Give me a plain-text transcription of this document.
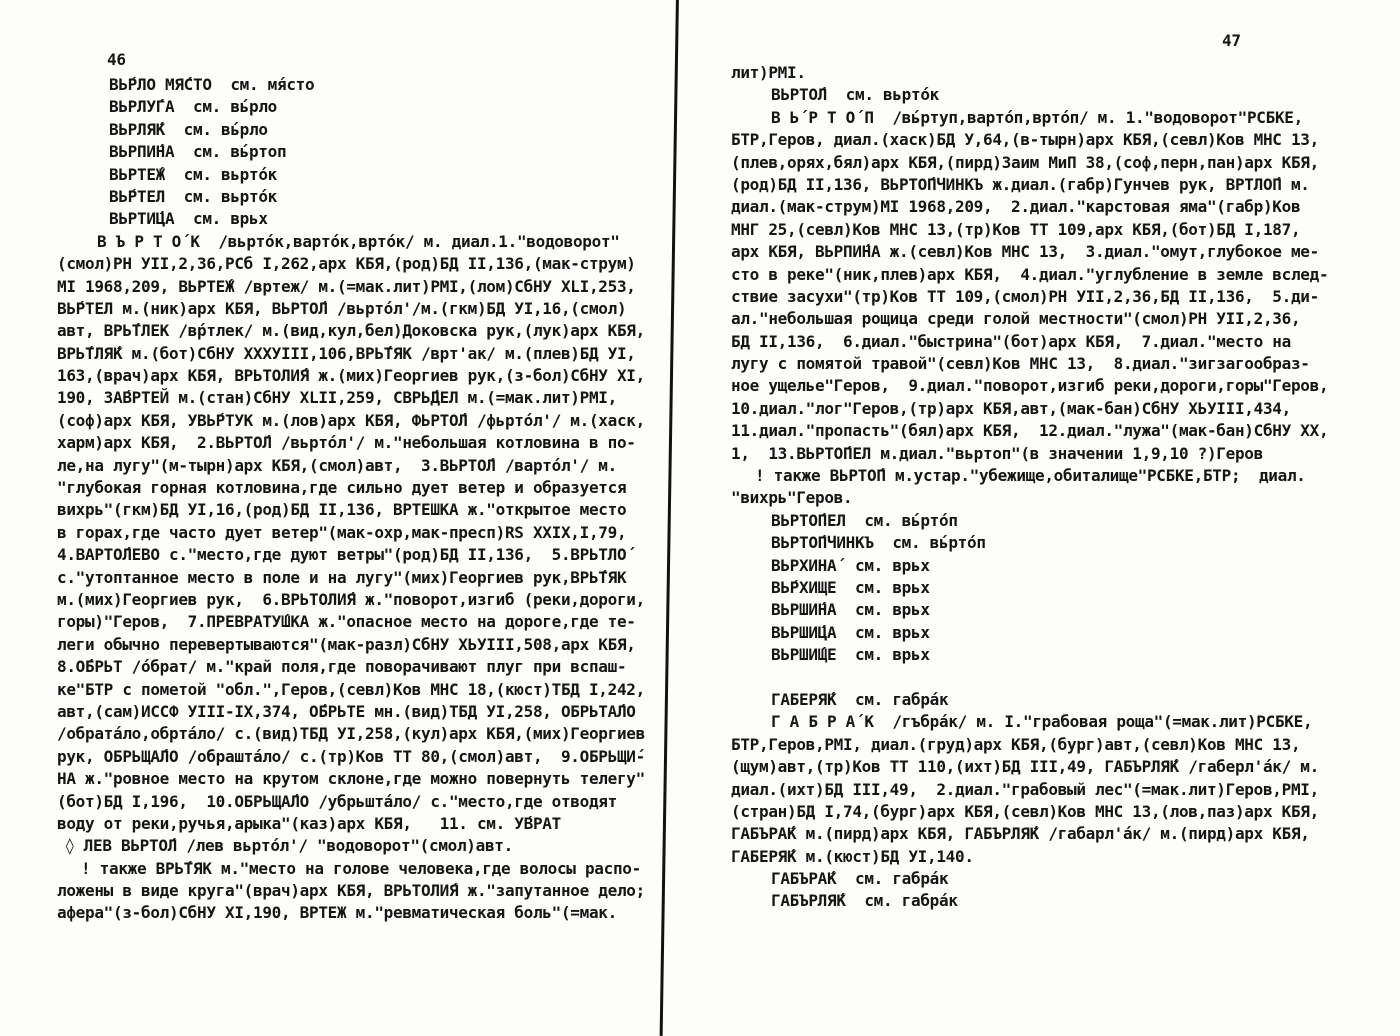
46
47
ВЬ́РЛО МЯ́СТО  см. мя́сто
ВЬРЛУ́ГА  см. вь́рло
ВЬРЛЯ́К  см. вь́рло
ВЬРПИ́НА  см. вь́ртоп
ВЬРТЕ́Ж  см. вьрто́к
ВЬ́РТЕЛ  см. вьрто́к
ВЬРТИ́ЦА  см. врьх
В Ъ Р Т О́ К  /вьрто́к,варто́к,врто́к/ м. диал.1."водоворот"
(смол)РН УII,2,36,РСб I,262,арх КБЯ,(род)БД II,136,(мак-струм)
МI 1968,209, ВЬРТЕ́Ж /вртеж/ м.(=мак.лит)РМI,(лом)СбНУ ХLI,253,
ВЬ́РТЕЛ м.(ник)арх КБЯ, ВЬРТО́Л /вьрто́л'/м.(гкм)БД УI,16,(смол)
авт, ВРЬ́ТЛЕК /вр́тлек/ м.(вид,кул,бел)Доковска рук,(лук)арх КБЯ,
ВРЬ́ТЛЯ́К м.(бот)СбНУ ХХХУIII,106,ВРЬ́ТЯК /врт'ак/ м.(плев)БД УI,
163,(врач)арх КБЯ, ВРЬТОЛИ́Я ж.(мих)Георгиев рук,(з-бол)СбНУ ХI,
190, ЗА́ВРТЕЙ м.(стан)СбНУ ХLII,259, СВРЬ́ДЕЛ м.(=мак.лит)РМI,
(соф)арх КБЯ, УВЬ́РТУК м.(лов)арх КБЯ, ФЬРТО́Л /фьрто́л'/ м.(хаск,
харм)арх КБЯ,  2.ВЬРТО́Л /вьрто́л'/ м."небольшая котловина в по-
ле,на лугу"(м-тырн)арх КБЯ,(смол)авт,  3.ВЬРТО́Л /варто́л'/ м.
"глубокая горная котловина,где сильно дует ветер и образуется
вихрь"(гкм)БД УI,16,(род)БД II,136, ВРТЕШКА ж."открытое место
в горах,где часто дует ветер"(мак-охр,мак-пресп)RS ХХIХ,I,79,
4.ВАРТО́ЛЕВО с."место,где дуют ветры"(род)БД II,136,  5.ВРЬТЛО́
с."утоптанное место в поле и на лугу"(мих)Георгиев рук,ВРЬ́ТЯК
м.(мих)Георгиев рук,  6.ВРЬТОЛИ́Я ж."поворот,изгиб (реки,дороги,
горы)"Геров,  7.ПРЕВРАТУ́ШКА ж."опасное место на дороге,где те-
леги обычно перевертываются"(мак-разл)СбНУ ХЬУIII,508,арх КБЯ,
8.О́БРЬТ /о́брат/ м."край поля,где поворачивают плуг при вспаш-
ке"БТР с пометой "обл.",Геров,(севл)Ков МНС 18,(кюст)ТБД I,242,
авт,(сам)ИССФ УIII-IХ,374, О́БРЬТЕ мн.(вид)ТБД УI,258, ОБРЬТА́ЛО
/обрата́ло,обрта́ло/ с.(вид)ТБД УI,258,(кул)арх КБЯ,(мих)Георгиев
рук, ОБРЬЩА́ЛО /обрашта́ло/ с.(тр)Ков ТТ 80,(смол)авт,  9.ОБРЬЩИ́-
НА ж."ровное место на крутом склоне,где можно повернуть телегу"
(бот)БД I,196,  10.ОБРЬЩА́ЛО /убрьшта́ло/ с."место,где отводят
воду от реки,ручья,арыка"(каз)арх КБЯ,   11. см. У́ВРАТ
◊ ЛЕВ ВЬРТО́Л /лев вьрто́л'/ "водоворот"(смол)авт.
! также ВРЬ́ТЯК м."место на голове человека,где волосы распо-
ложены в виде круга"(врач)арх КБЯ, ВРЬТОЛИ́Я ж."запутанное дело;
афера"(з-бол)СбНУ ХI,190, ВРТЕЖ м."ревматическая боль"(=мак.
лит)РМI.
ВЬРТО́Л  см. вьрто́к
В Ь́ Р Т О́ П  /вь́ртуп,варто́п,врто́п/ м. 1."водоворот"РСБКЕ,
БТР,Геров, диал.(хаск)БД У,64,(в-тырн)арх КБЯ,(севл)Ков МНС 13,
(плев,орях,бял)арх КБЯ,(пирд)Заим МиП 38,(соф,перн,пан)арх КБЯ,
(род)БД II,136, ВЬРТО́ПЧИНКЪ ж.диал.(габр)Гунчев рук, ВРТЛО́П м.
диал.(мак-струм)МI 1968,209,  2.диал."карстовая яма"(габр)Ков
МНГ 25,(севл)Ков МНС 13,(тр)Ков ТТ 109,арх КБЯ,(бот)БД I,187,
арх КБЯ, ВЬРПИ́НА ж.(севл)Ков МНС 13,  3.диал."омут,глубокое ме-
сто в реке"(ник,плев)арх КБЯ,  4.диал."углубление в земле вслед-
ствие засухи"(тр)Ков ТТ 109,(смол)РН УII,2,36,БД II,136,  5.ди-
ал."небольшая рощица среди голой местности"(смол)РН УII,2,36,
БД II,136,  6.диал."быстрина"(бот)арх КБЯ,  7.диал."место на
лугу с помятой травой"(севл)Ков МНС 13,  8.диал."зигзагообраз-
ное ущелье"Геров,  9.диал."поворот,изгиб реки,дороги,горы"Геров,
10.диал."лог"Геров,(тр)арх КБЯ,авт,(мак-бан)СбНУ ХЬУIII,434,
11.диал."пропасть"(бял)арх КБЯ,  12.диал."лужа"(мак-бан)СбНУ ХХ,
1,  13.ВЬРТО́ПЕЛ м.диал."вьртоп"(в значении 1,9,10 ?)Геров
! также ВЬРТО́П м.устар."убежище,обиталище"РСБКЕ,БТР;  диал.
"вихрь"Геров.
ВЬРТО́ПЕЛ  см. вь́рто́п
ВЬРТО́ПЧИНКЪ  см. вь́рто́п
ВЬРХИНА́  см. врьх
ВЬ́РХИЩЕ  см. врьх
ВЬРШИ́НА  см. врьх
ВЬРШИ́ЦА  см. врьх
ВЬРШИ́ЩЕ  см. врьх

ГАБЕРЯ́К  см. габра́к
Г А Б Р А́ К  /гъбра́к/ м. I."грабовая роща"(=мак.лит)РСБКЕ,
БТР,Геров,РМI, диал.(груд)арх КБЯ,(бург)авт,(севл)Ков МНС 13,
(щум)авт,(тр)Ков ТТ 110,(ихт)БД III,49, ГАБЪРЛЯ́К /габерл'а́к/ м.
диал.(ихт)БД III,49,  2.диал."грабовый лес"(=мак.лит)Геров,РМI,
(стран)БД I,74,(бург)арх КБЯ,(севл)Ков МНС 13,(лов,паз)арх КБЯ,
ГАБЪРА́К м.(пирд)арх КБЯ, ГАБЪРЛЯ́К /габарл'а́к/ м.(пирд)арх КБЯ,
ГАБЕРЯ́К м.(кюст)БД УI,140.
ГАБЪРА́К  см. габра́к
ГАБЪРЛЯ́К  см. габра́к
